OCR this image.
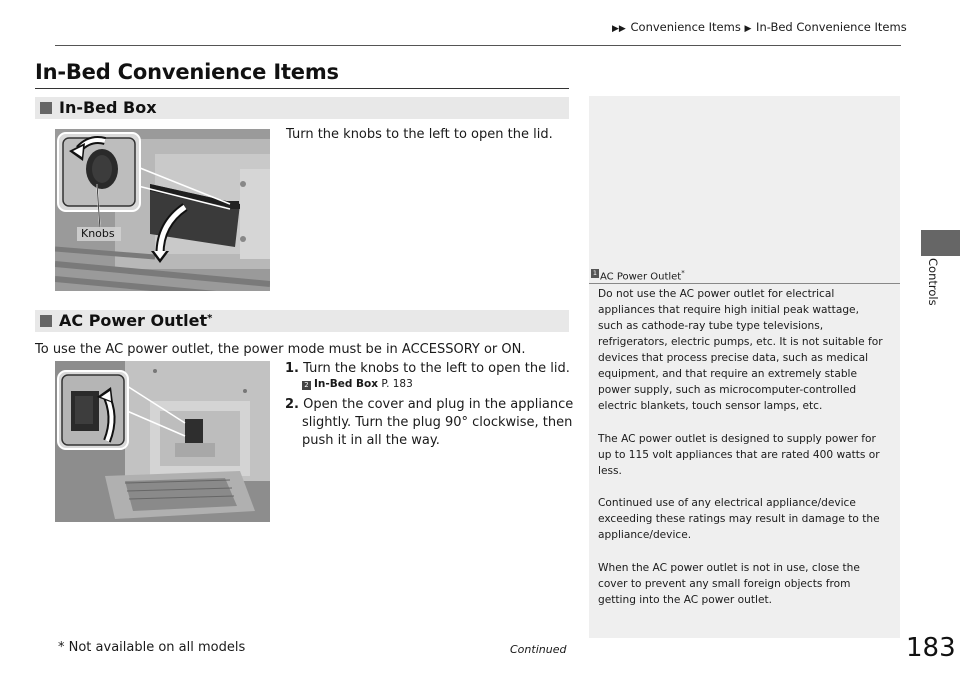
▶▶ Convenience Items ▶ In-Bed Convenience Items
In-Bed Convenience Items
In-Bed Box
Turn the knobs to the left to open the lid.
Knobs
AC Power Outlet*
To use the AC power outlet, the power mode must be in ACCESSORY or ON.
1. Turn the knobs to the left to open the lid.
2 In-Bed Box P. 183
2. Open the cover and plug in the appliance
slightly. Turn the plug 90° clockwise, then
push it in all the way.
1 AC Power Outlet*
Do not use the AC power outlet for electrical
appliances that require high initial peak wattage,
such as cathode-ray tube type televisions,
refrigerators, electric pumps, etc. It is not suitable for
devices that process precise data, such as medical
equipment, and that require an extremely stable
power supply, such as microcomputer-controlled
electric blankets, touch sensor lamps, etc.
The AC power outlet is designed to supply power for
up to 115 volt appliances that are rated 400 watts or
less.
Continued use of any electrical appliance/device
exceeding these ratings may result in damage to the
appliance/device.
When the AC power outlet is not in use, close the
cover to prevent any small foreign objects from
getting into the AC power outlet.
Controls
* Not available on all models	Continued	183
